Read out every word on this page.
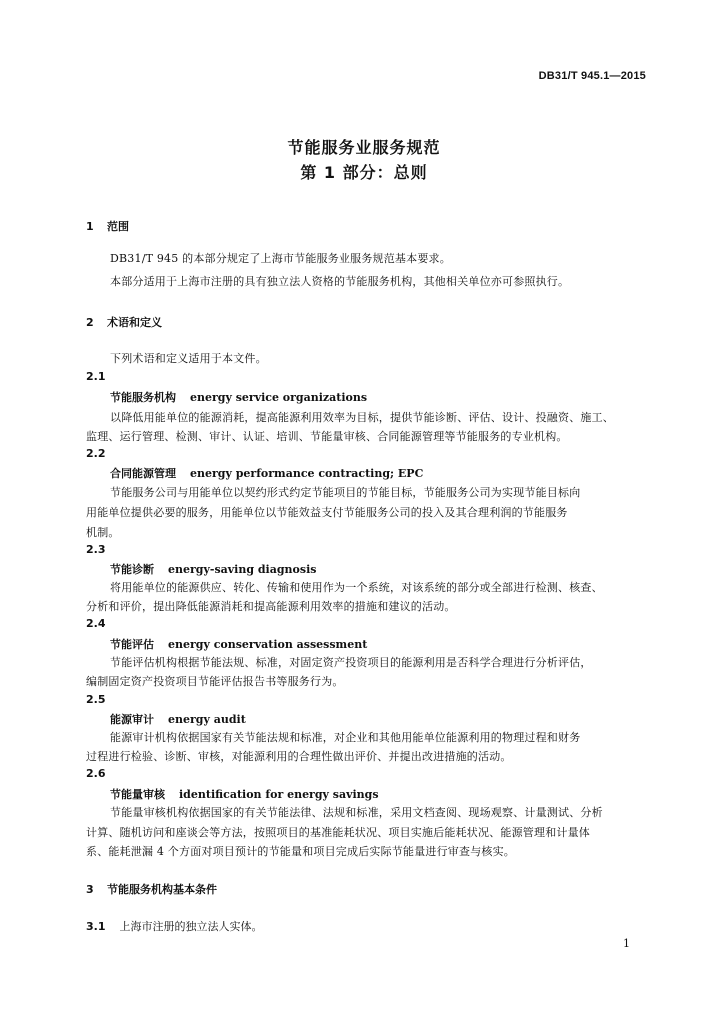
DB31/T 945.1—2015
节能服务业服务规范
第 1 部分：总则
1 范围
DB31/T 945 的本部分规定了上海市节能服务业服务规范基本要求。
本部分适用于上海市注册的具有独立法人资格的节能服务机构，其他相关单位亦可参照执行。
2 术语和定义
下列术语和定义适用于本文件。
2.1
节能服务机构 energy service organizations
以降低用能单位的能源消耗，提高能源利用效率为目标，提供节能诊断、评估、设计、投融资、施工、
监理、运行管理、检测、审计、认证、培训、节能量审核、合同能源管理等节能服务的专业机构。
2.2
合同能源管理 energy performance contracting; EPC
节能服务公司与用能单位以契约形式约定节能项目的节能目标，节能服务公司为实现节能目标向
用能单位提供必要的服务，用能单位以节能效益支付节能服务公司的投入及其合理利润的节能服务
机制。
2.3
节能诊断 energy-saving diagnosis
将用能单位的能源供应、转化、传输和使用作为一个系统，对该系统的部分或全部进行检测、核查、
分析和评价，提出降低能源消耗和提高能源利用效率的措施和建议的活动。
2.4
节能评估 energy conservation assessment
节能评估机构根据节能法规、标准，对固定资产投资项目的能源利用是否科学合理进行分析评估，
编制固定资产投资项目节能评估报告书等服务行为。
2.5
能源审计 energy audit
能源审计机构依据国家有关节能法规和标准，对企业和其他用能单位能源利用的物理过程和财务
过程进行检验、诊断、审核，对能源利用的合理性做出评价、并提出改进措施的活动。
2.6
节能量审核 identification for energy savings
节能量审核机构依据国家的有关节能法律、法规和标准，采用文档查阅、现场观察、计量测试、分析
计算、随机访问和座谈会等方法，按照项目的基准能耗状况、项目实施后能耗状况、能源管理和计量体
系、能耗泄漏 4 个方面对项目预计的节能量和项目完成后实际节能量进行审查与核实。
3 节能服务机构基本条件
3.1 上海市注册的独立法人实体。
1
